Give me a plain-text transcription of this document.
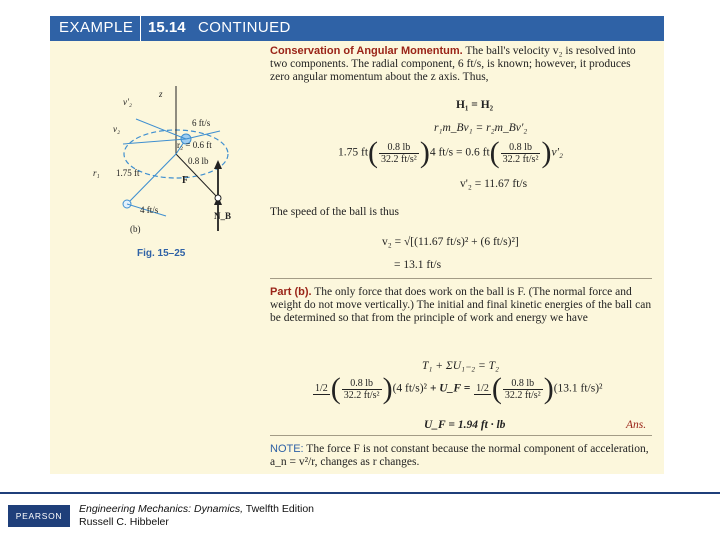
EXAMPLE 15.14 CONTINUED
v'₂
z
v₂
6 ft/s
r₂ = 0.6 ft
0.8 lb
r₁ 1.75 ft
F
4 ft/s
N_B
(b)
Fig. 15–25
Conservation of Angular Momentum. The ball's velocity v₂ is resolved into two components. The radial component, 6 ft/s, is known; however, it produces zero angular momentum about the z axis. Thus,
H₁ = H₂
r₁m_Bv₁ = r₂m_Bv'₂
1.75 $ft( \frac{0.8 lb}{\text{32.2 ft/s²}} )4$ ft/s = 0.6 $ft( \frac{0.8 lb}{\text{32.2 ft/s²}} )v'_2$
v'₂ = 11.67 ft/s
The speed of the ball is thus
v₂ = √[(11.67 ft/s)² + (6 ft/s)²]
= 13.1 ft/s
Part (b). The only force that does work on the ball is F. (The normal force and weight do not move vertically.) The initial and final kinetic energies of the ball can be determined so that from the principle of work and energy we have
T₁ + ΣU₁₋₂ = T₂
1/2 ( $\frac{0.8 lb}{\text{32.2 ft/s²}} )(4$ ft/s)² + U_F = 1/2 ( $\frac{0.8 lb}{\text{32.2 ft/s²}} )(13.1$ ft/s)²
U_F = 1.94 ft · lb	Ans.
NOTE: The force F is not constant because the normal component of acceleration, a_n = v²/r, changes as r changes.
PEARSON
Engineering Mechanics: Dynamics, Twelfth Edition
Russell C. Hibbeler
